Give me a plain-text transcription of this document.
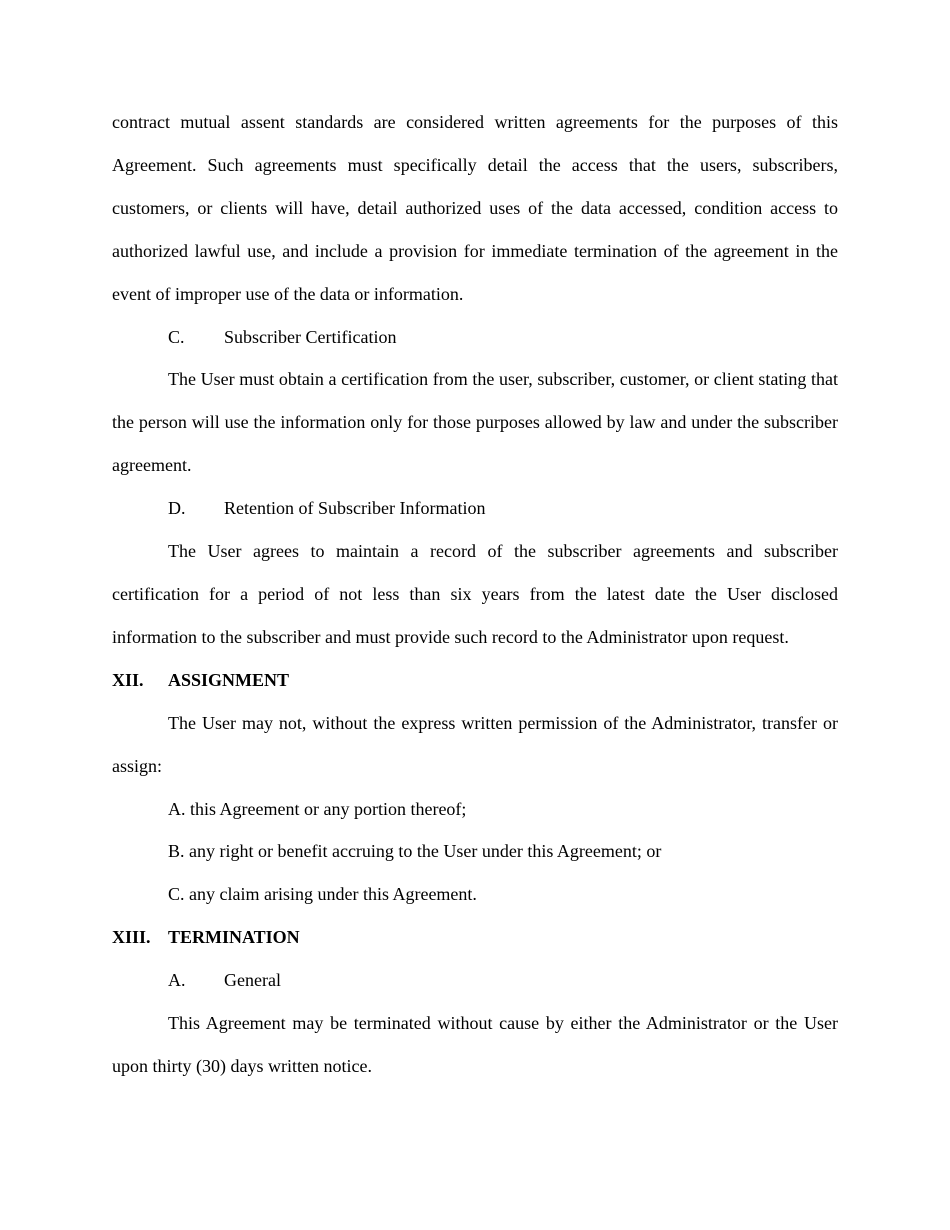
contract mutual assent standards are considered written agreements for the purposes of this Agreement. Such agreements must specifically detail the access that the users, subscribers, customers, or clients will have, detail authorized uses of the data accessed, condition access to authorized lawful use, and include a provision for immediate termination of the agreement in the event of improper use of the data or information.

C. Subscriber Certification

The User must obtain a certification from the user, subscriber, customer, or client stating that the person will use the information only for those purposes allowed by law and under the subscriber agreement.

D. Retention of Subscriber Information

The User agrees to maintain a record of the subscriber agreements and subscriber certification for a period of not less than six years from the latest date the User disclosed information to the subscriber and must provide such record to the Administrator upon request.

XII. ASSIGNMENT

The User may not, without the express written permission of the Administrator, transfer or assign:

A. this Agreement or any portion thereof;

B. any right or benefit accruing to the User under this Agreement; or

C. any claim arising under this Agreement.

XIII. TERMINATION

A. General

This Agreement may be terminated without cause by either the Administrator or the User upon thirty (30) days written notice.
